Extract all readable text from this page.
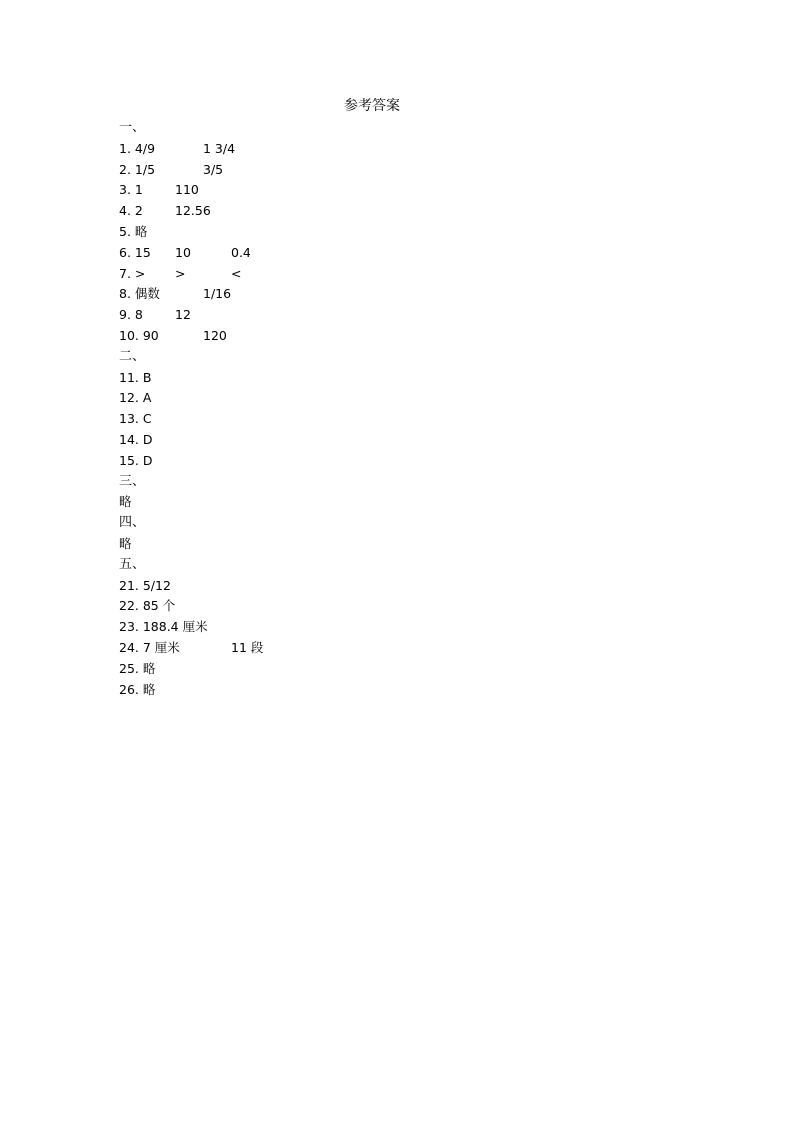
参考答案
一、
1. 4/9	1 3/4
2. 1/5	3/5
3. 1	110
4. 2	12.56
5. 略
6. 15 10	0.4
7. > >	<
8. 偶数	1/16
9. 8	12
10. 90	120
二、
11. B
12. A
13. C
14. D
15. D
三、
略
四、
略
五、
21. 5/12
22. 85 个
23. 188.4 厘米
24. 7 厘米	11 段
25. 略
26. 略
